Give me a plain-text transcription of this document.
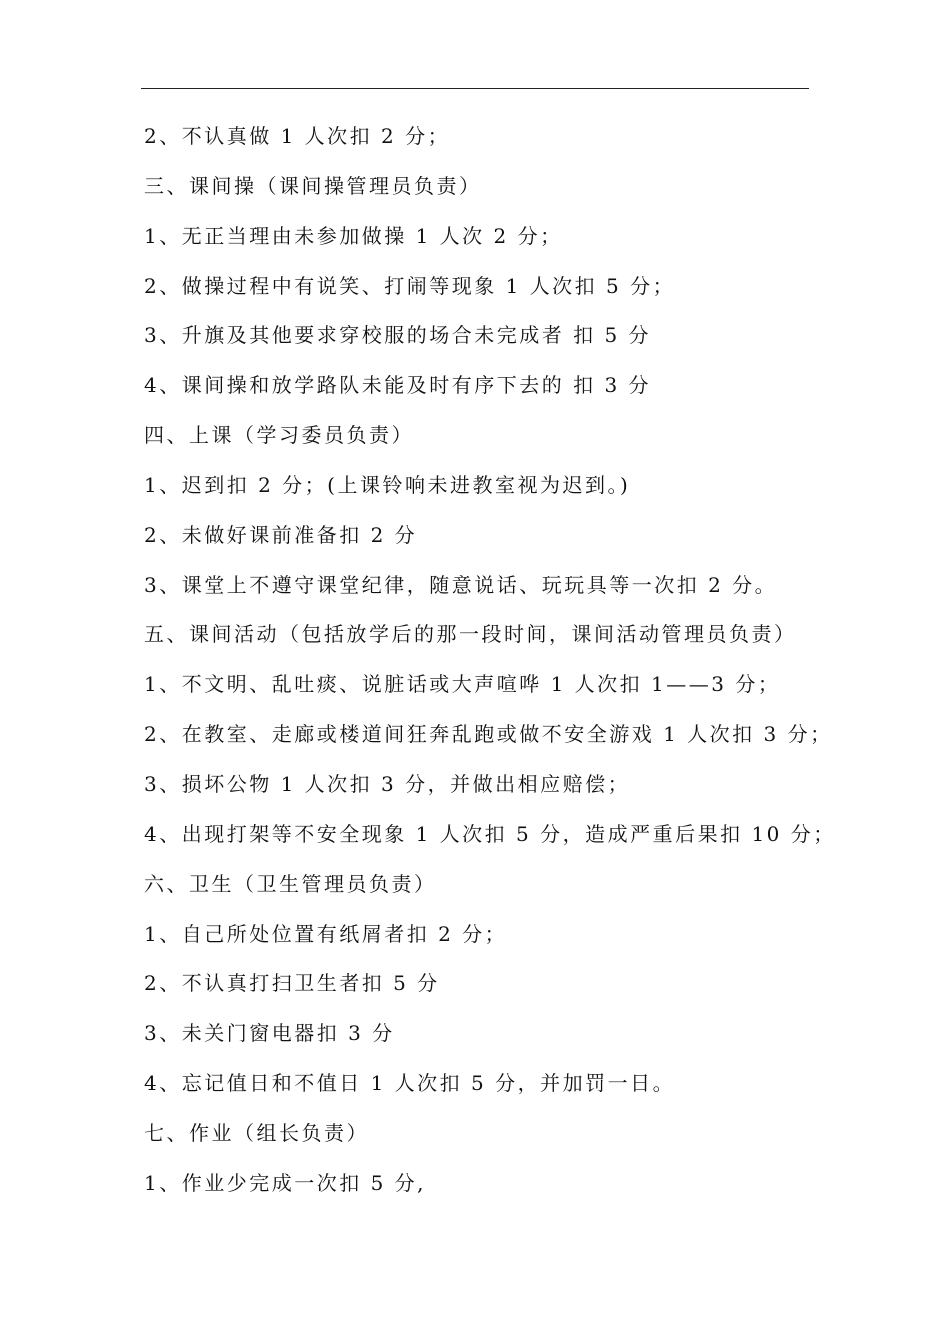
2、不认真做 1 人次扣 2 分；
三、课间操（课间操管理员负责）
1、无正当理由未参加做操 1 人次 2 分；
2、做操过程中有说笑、打闹等现象 1 人次扣 5 分；
3、升旗及其他要求穿校服的场合未完成者 扣 5 分
4、课间操和放学路队未能及时有序下去的 扣 3 分
四、上课（学习委员负责）
1、迟到扣 2 分；(上课铃响未进教室视为迟到。)
2、未做好课前准备扣 2 分
3、课堂上不遵守课堂纪律，随意说话、玩玩具等一次扣 2 分。
五、课间活动（包括放学后的那一段时间，课间活动管理员负责）
1、不文明、乱吐痰、说脏话或大声喧哗 1 人次扣 1——3 分；
2、在教室、走廊或楼道间狂奔乱跑或做不安全游戏 1 人次扣 3 分；
3、损坏公物 1 人次扣 3 分，并做出相应赔偿；
4、出现打架等不安全现象 1 人次扣 5 分，造成严重后果扣 10 分；
六、卫生（卫生管理员负责）
1、自己所处位置有纸屑者扣 2 分；
2、不认真打扫卫生者扣 5 分
3、未关门窗电器扣 3 分
4、忘记值日和不值日 1 人次扣 5 分，并加罚一日。
七、作业（组长负责）
1、作业少完成一次扣 5 分,
